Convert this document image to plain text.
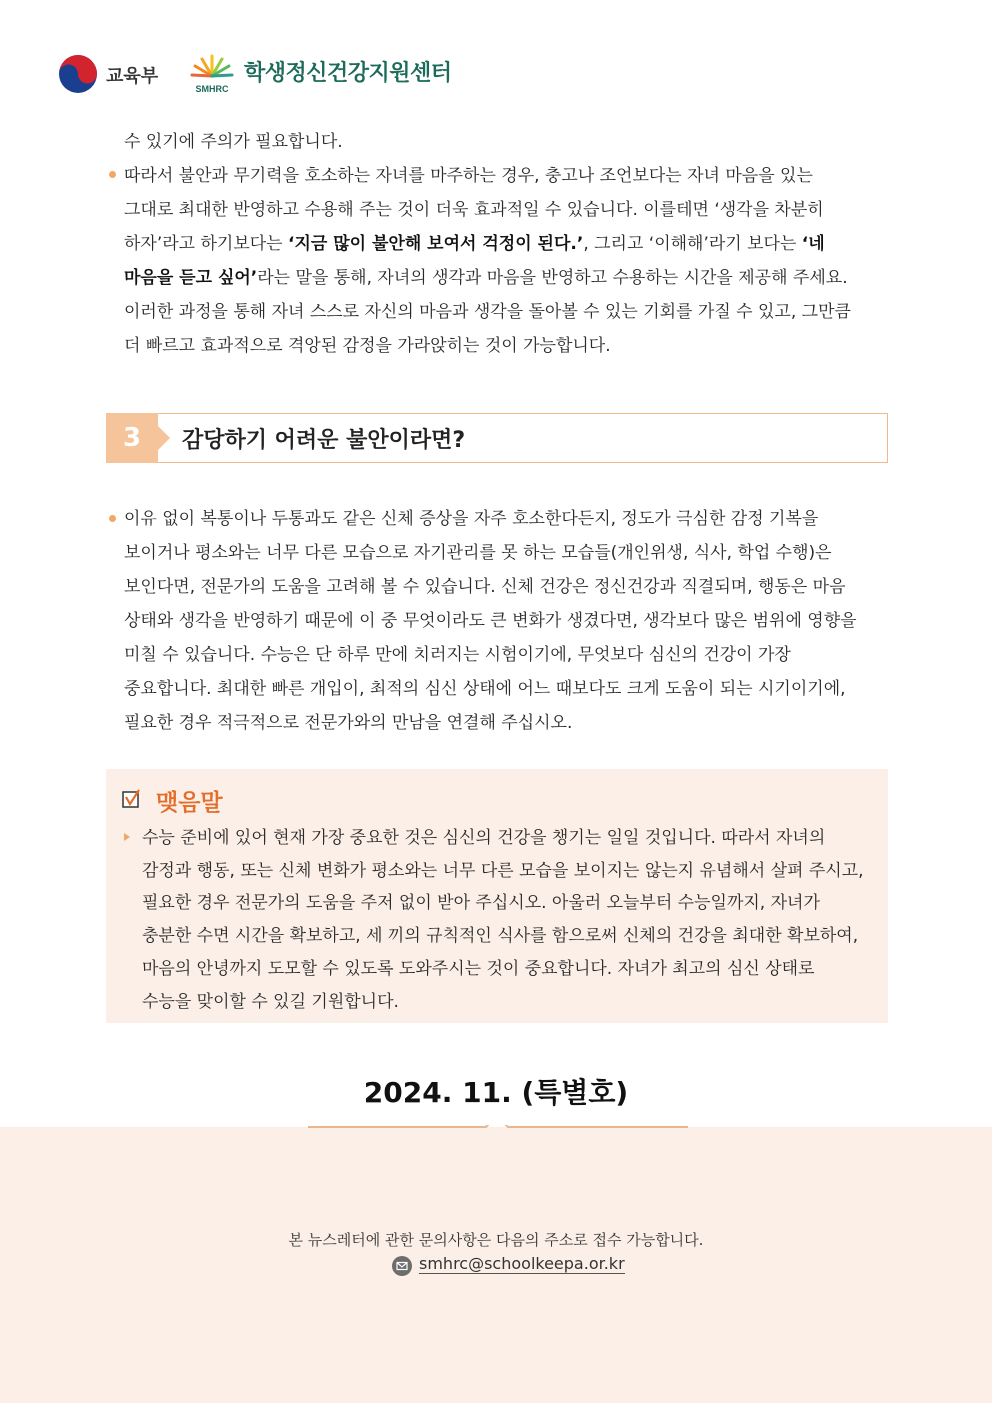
교육부
SMHRC
학생정신건강지원센터

수 있기에 주의가 필요합니다.

따라서 불안과 무기력을 호소하는 자녀를 마주하는 경우, 충고나 조언보다는 자녀 마음을 있는

그대로 최대한 반영하고 수용해 주는 것이 더욱 효과적일 수 있습니다. 이를테면 ‘생각을 차분히

하자’라고 하기보다는 ‘지금 많이 불안해 보여서 걱정이 된다.’, 그리고 ‘이해해’라기 보다는 ‘네

마음을 듣고 싶어’라는 말을 통해, 자녀의 생각과 마음을 반영하고 수용하는 시간을 제공해 주세요.

이러한 과정을 통해 자녀 스스로 자신의 마음과 생각을 돌아볼 수 있는 기회를 가질 수 있고, 그만큼

더 빠르고 효과적으로 격앙된 감정을 가라앉히는 것이 가능합니다.

3	감당하기 어려운 불안이라면?

이유 없이 복통이나 두통과도 같은 신체 증상을 자주 호소한다든지, 정도가 극심한 감정 기복을

보이거나 평소와는 너무 다른 모습으로 자기관리를 못 하는 모습들(개인위생, 식사, 학업 수행)은

보인다면, 전문가의 도움을 고려해 볼 수 있습니다. 신체 건강은 정신건강과 직결되며, 행동은 마음

상태와 생각을 반영하기 때문에 이 중 무엇이라도 큰 변화가 생겼다면, 생각보다 많은 범위에 영향을

미칠 수 있습니다. 수능은 단 하루 만에 치러지는 시험이기에, 무엇보다 심신의 건강이 가장

중요합니다. 최대한 빠른 개입이, 최적의 심신 상태에 어느 때보다도 크게 도움이 되는 시기이기에,

필요한 경우 적극적으로 전문가와의 만남을 연결해 주십시오.

맺음말

수능 준비에 있어 현재 가장 중요한 것은 심신의 건강을 챙기는 일일 것입니다. 따라서 자녀의

감정과 행동, 또는 신체 변화가 평소와는 너무 다른 모습을 보이지는 않는지 유념해서 살펴 주시고,

필요한 경우 전문가의 도움을 주저 없이 받아 주십시오. 아울러 오늘부터 수능일까지, 자녀가

충분한 수면 시간을 확보하고, 세 끼의 규칙적인 식사를 함으로써 신체의 건강을 최대한 확보하여,

마음의 안녕까지 도모할 수 있도록 도와주시는 것이 중요합니다. 자녀가 최고의 심신 상태로

수능을 맞이할 수 있길 기원합니다.

2024. 11. (특별호)
본 뉴스레터에 관한 문의사항은 다음의 주소로 접수 가능합니다.
smhrc@schoolkeepa.or.kr
